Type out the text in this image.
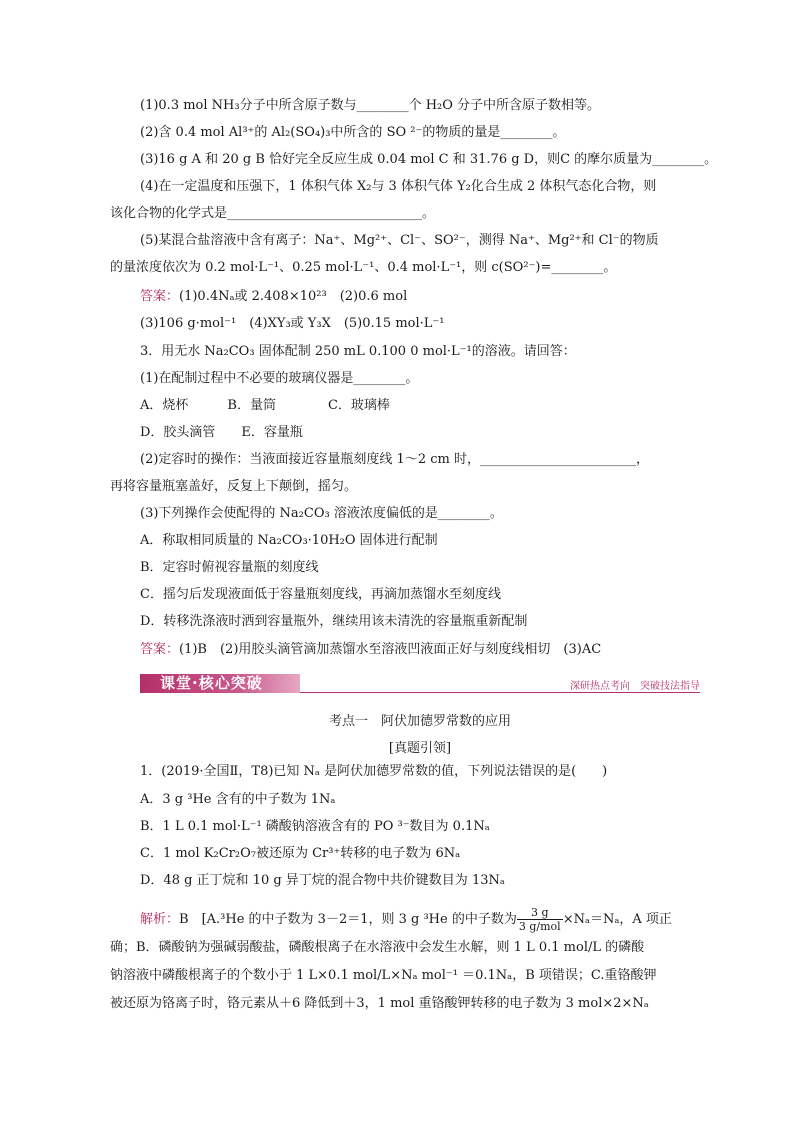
(1)0.3 mol NH₃分子中所含原子数与________个 H₂O 分子中所含原子数相等。
(2)含 0.4 mol Al³⁺的 Al₂(SO₄)₃中所含的 SO ²⁻的物质的量是________。
(3)16 g A 和 20 g B 恰好完全反应生成 0.04 mol C 和 31.76 g D，则C 的摩尔质量为________。
(4)在一定温度和压强下，1 体积气体 X₂与 3 体积气体 Y₂化合生成 2 体积气态化合物，则
该化合物的化学式是______________________________。
(5)某混合盐溶液中含有离子：Na⁺、Mg²⁺、Cl⁻、SO²⁻，测得 Na⁺、Mg²⁺和 Cl⁻的物质
的量浓度依次为 0.2 mol·L⁻¹、0.25 mol·L⁻¹、0.4 mol·L⁻¹，则 c(SO²⁻)=________。
答案：(1)0.4Nₐ或 2.408×10²³　(2)0.6 mol
(3)106 g·mol⁻¹　(4)XY₃或 Y₃X　(5)0.15 mol·L⁻¹
3．用无水 Na₂CO₃ 固体配制 250 mL 0.100 0 mol·L⁻¹的溶液。请回答：
(1)在配制过程中不必要的玻璃仪器是________。
A．烧杯　　　B．量筒　　　　C．玻璃棒
D．胶头滴管　　E．容量瓶
(2)定容时的操作：当液面接近容量瓶刻度线 1～2 cm 时，________________________，
再将容量瓶塞盖好，反复上下颠倒，摇匀。
(3)下列操作会使配得的 Na₂CO₃ 溶液浓度偏低的是________。
A．称取相同质量的 Na₂CO₃·10H₂O 固体进行配制
B．定容时俯视容量瓶的刻度线
C．摇匀后发现液面低于容量瓶刻度线，再滴加蒸馏水至刻度线
D．转移洗涤液时洒到容量瓶外，继续用该未清洗的容量瓶重新配制
答案：(1)B　(2)用胶头滴管滴加蒸馏水至溶液凹液面正好与刻度线相切　(3)AC
课堂·核心突破	深研热点考向　突破技法指导
考点一　阿伏加德罗常数的应用
[真题引领]
1．(2019·全国Ⅱ，T8)已知 Nₐ 是阿伏加德罗常数的值，下列说法错误的是(　　)
A．3 g ³He 含有的中子数为 1Nₐ
B．1 L 0.1 mol·L⁻¹ 磷酸钠溶液含有的 PO ³⁻数目为 0.1Nₐ
C．1 mol K₂Cr₂O₇被还原为 Cr³⁺转移的电子数为 6Nₐ
D．48 g 正丁烷和 10 g 异丁烷的混合物中共价键数目为 13Nₐ
解析：B　[A.³He 的中子数为 3－2＝1，则 3 g ³He 的中子数为 $\frac{3 g}{\text{3 g/mol}} \times N_a=N_a$，A 项正
确；B．磷酸钠为强碱弱酸盐，磷酸根离子在水溶液中会发生水解，则 1 L 0.1 mol/L 的磷酸
钠溶液中磷酸根离子的个数小于 1 L×0.1 mol/L×Nₐ mol⁻¹ ＝0.1Nₐ，B 项错误；C.重铬酸钾
被还原为铬离子时，铬元素从＋6 降低到＋3，1 mol 重铬酸钾转移的电子数为 3 mol×2×Nₐ
